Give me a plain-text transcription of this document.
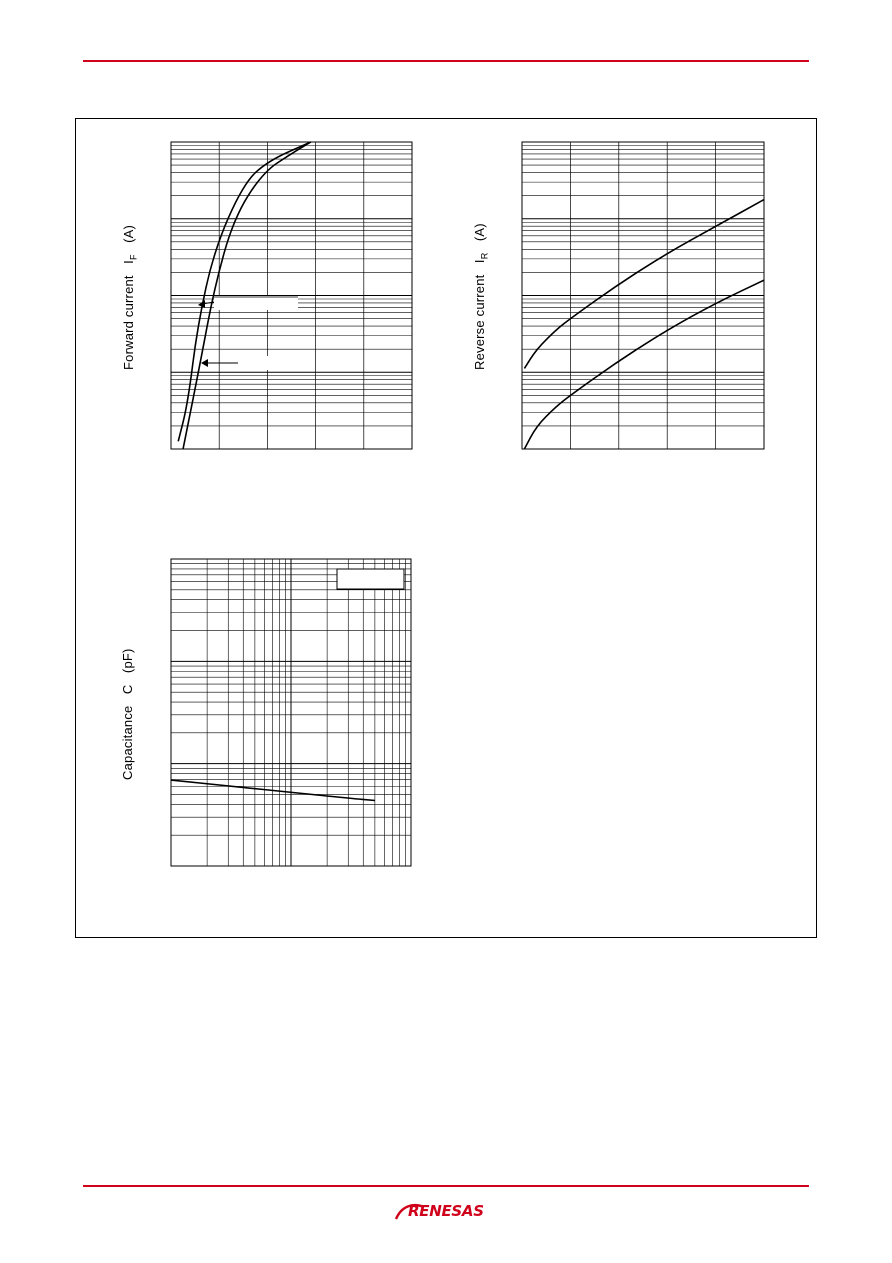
Forward current   $I_F$   (A)
Reverse current   $I_R$   (A)
Capacitance   C   (pF)
RENESAS
